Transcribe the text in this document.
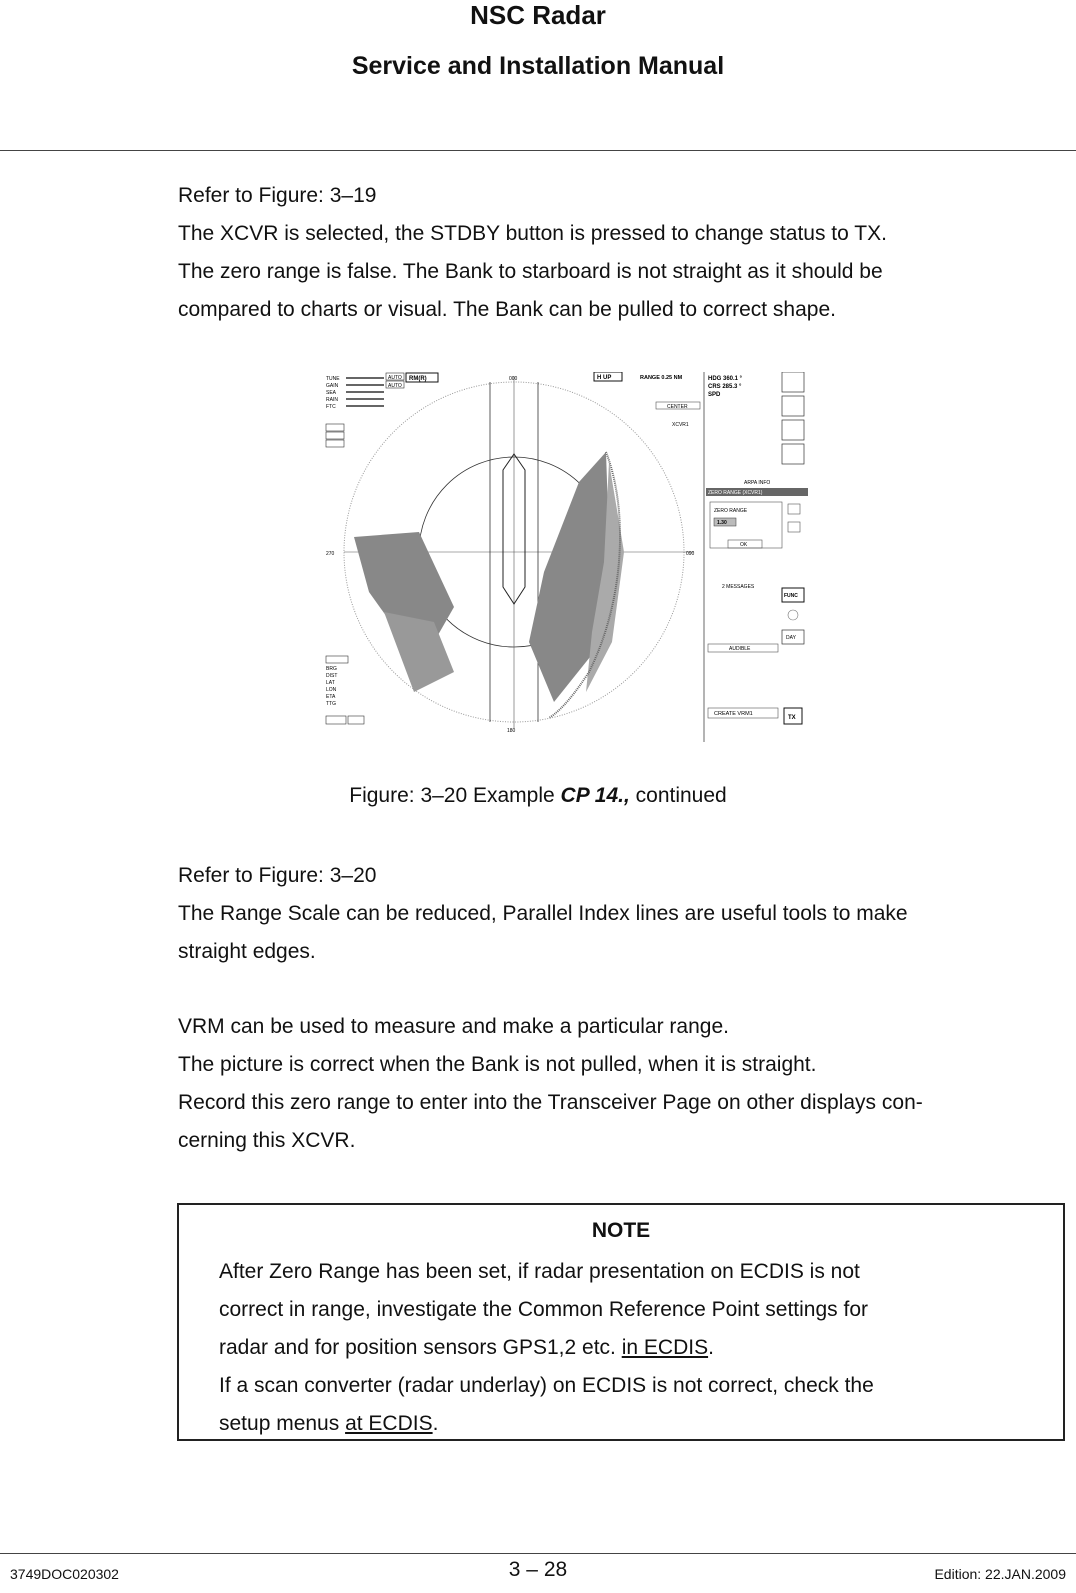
NSC Radar
Service and Installation Manual

Refer to Figure: 3–19

The XCVR is selected, the STDBY button is pressed to change status to TX.

The zero range is false. The Bank to starboard is not straight as it should be

compared to charts or visual. The Bank can be pulled to correct shape.

TUNE
GAIN
SEA
RAIN
FTC
AUTO
AUTO
RM(R)
BRG
DIST
LAT
LON
ETA
TTG
000
090
180
270
XCVR1
H UP	RANGE 0.25 NM
CENTER
HDG 360.1 °
CRS 285.3 °
SPD
ARPA INFO
ZERO RANGE (XCVR1)
ZERO RANGE
1.30
OK
2 MESSAGES
FUNC
DAY
AUDIBLE
CREATE VRM1
TX
Figure: 3–20 Example CP 14., continued

Refer to Figure: 3–20

The Range Scale can be reduced, Parallel Index lines are useful tools to make

straight edges.

VRM can be used to measure and make a particular range.

The picture is correct when the Bank is not pulled, when it is straight.

Record this zero range to enter into the Transceiver Page on other displays con-

cerning this XCVR.

NOTE

After Zero Range has been set, if radar presentation on ECDIS is not

correct in range, investigate the Common Reference Point settings for

radar and for position sensors GPS1,2 etc. in ECDIS.

If a scan converter (radar underlay) on ECDIS is not correct, check the

setup menus at ECDIS.

3749DOC020302	3 – 28	Edition: 22.JAN.2009
